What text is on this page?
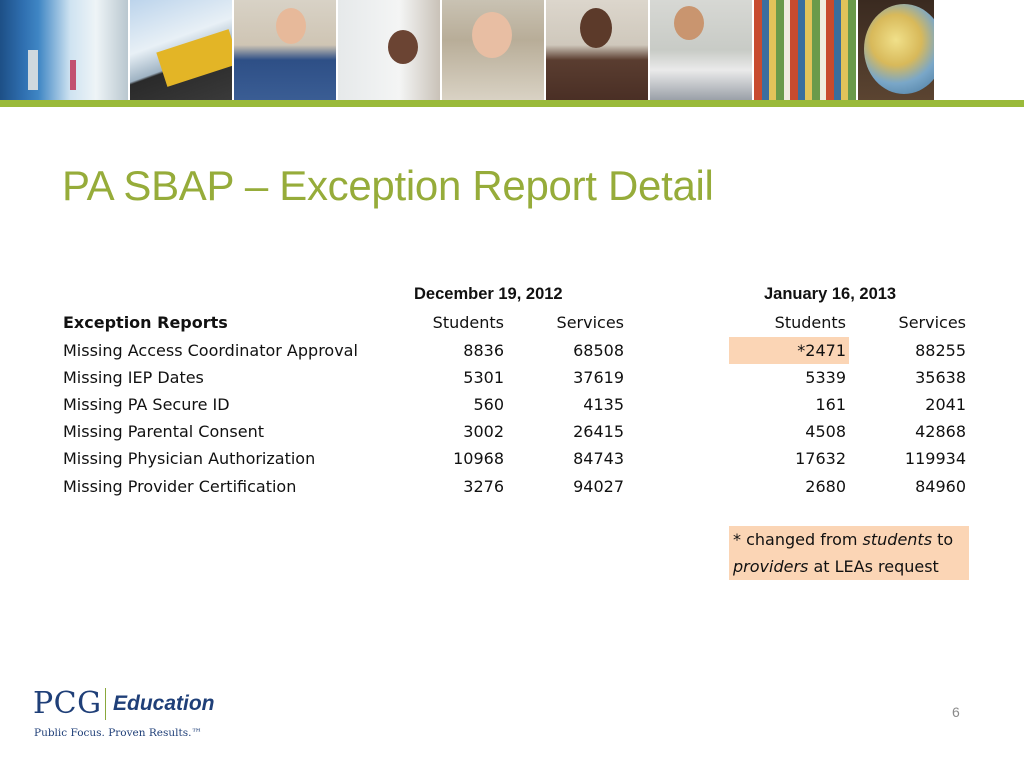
PA SBAP – Exception Report Detail
December 19, 2012	January 16, 2013
Exception Reports	Students	Services	Students	Services
Missing Access Coordinator Approval	8836	68508	*2471	88255
Missing IEP Dates	5301	37619	5339	35638
Missing PA Secure ID	560	4135	161	2041
Missing Parental Consent	3002	26415	4508	42868
Missing Physician Authorization	10968	84743	17632	119934
Missing Provider Certification	3276	94027	2680	84960
* changed from students to
providers at LEAs request
PCG Education
Public Focus. Proven Results.™
6
